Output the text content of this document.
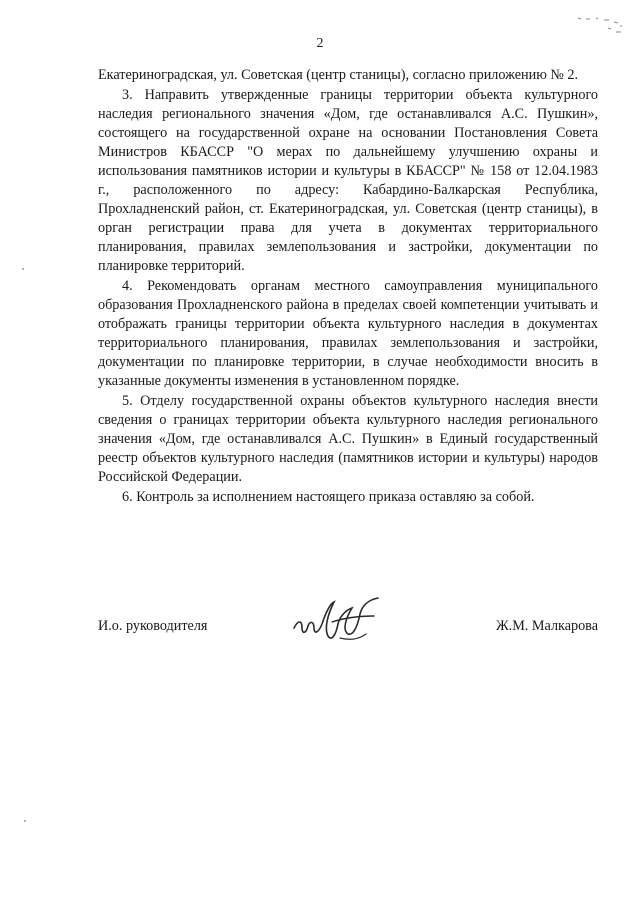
2

Екатериноградская, ул. Советская (центр станицы), согласно приложению № 2.

3. Направить утвержденные границы территории объекта культурного наследия регионального значения «Дом, где останавливался А.С. Пушкин», состоящего на государственной охране на основании Постановления Совета Министров КБАССР "О мерах по дальнейшему улучшению охраны и использования памятников истории и культуры в КБАССР" № 158 от 12.04.1983 г., расположенного по адресу: Кабардино-Балкарская Республика, Прохладненский район, ст. Екатериноградская, ул. Советская (центр станицы), в орган регистрации права для учета в документах территориального планирования, правилах землепользования и застройки, документации по планировке территорий.

4. Рекомендовать органам местного самоуправления муниципального образования Прохладненского района в пределах своей компетенции учитывать и отображать границы территории объекта культурного наследия в документах территориального планирования, правилах землепользования и застройки, документации по планировке территории, в случае необходимости вносить в указанные документы изменения в установленном порядке.

5. Отделу государственной охраны объектов культурного наследия внести сведения о границах территории объекта культурного наследия регионального значения «Дом, где останавливался А.С. Пушкин» в Единый государственный реестр объектов культурного наследия (памятников истории и культуры) народов Российской Федерации.

6. Контроль за исполнением настоящего приказа оставляю за собой.

И.о. руководителя	Ж.М. Малкарова
